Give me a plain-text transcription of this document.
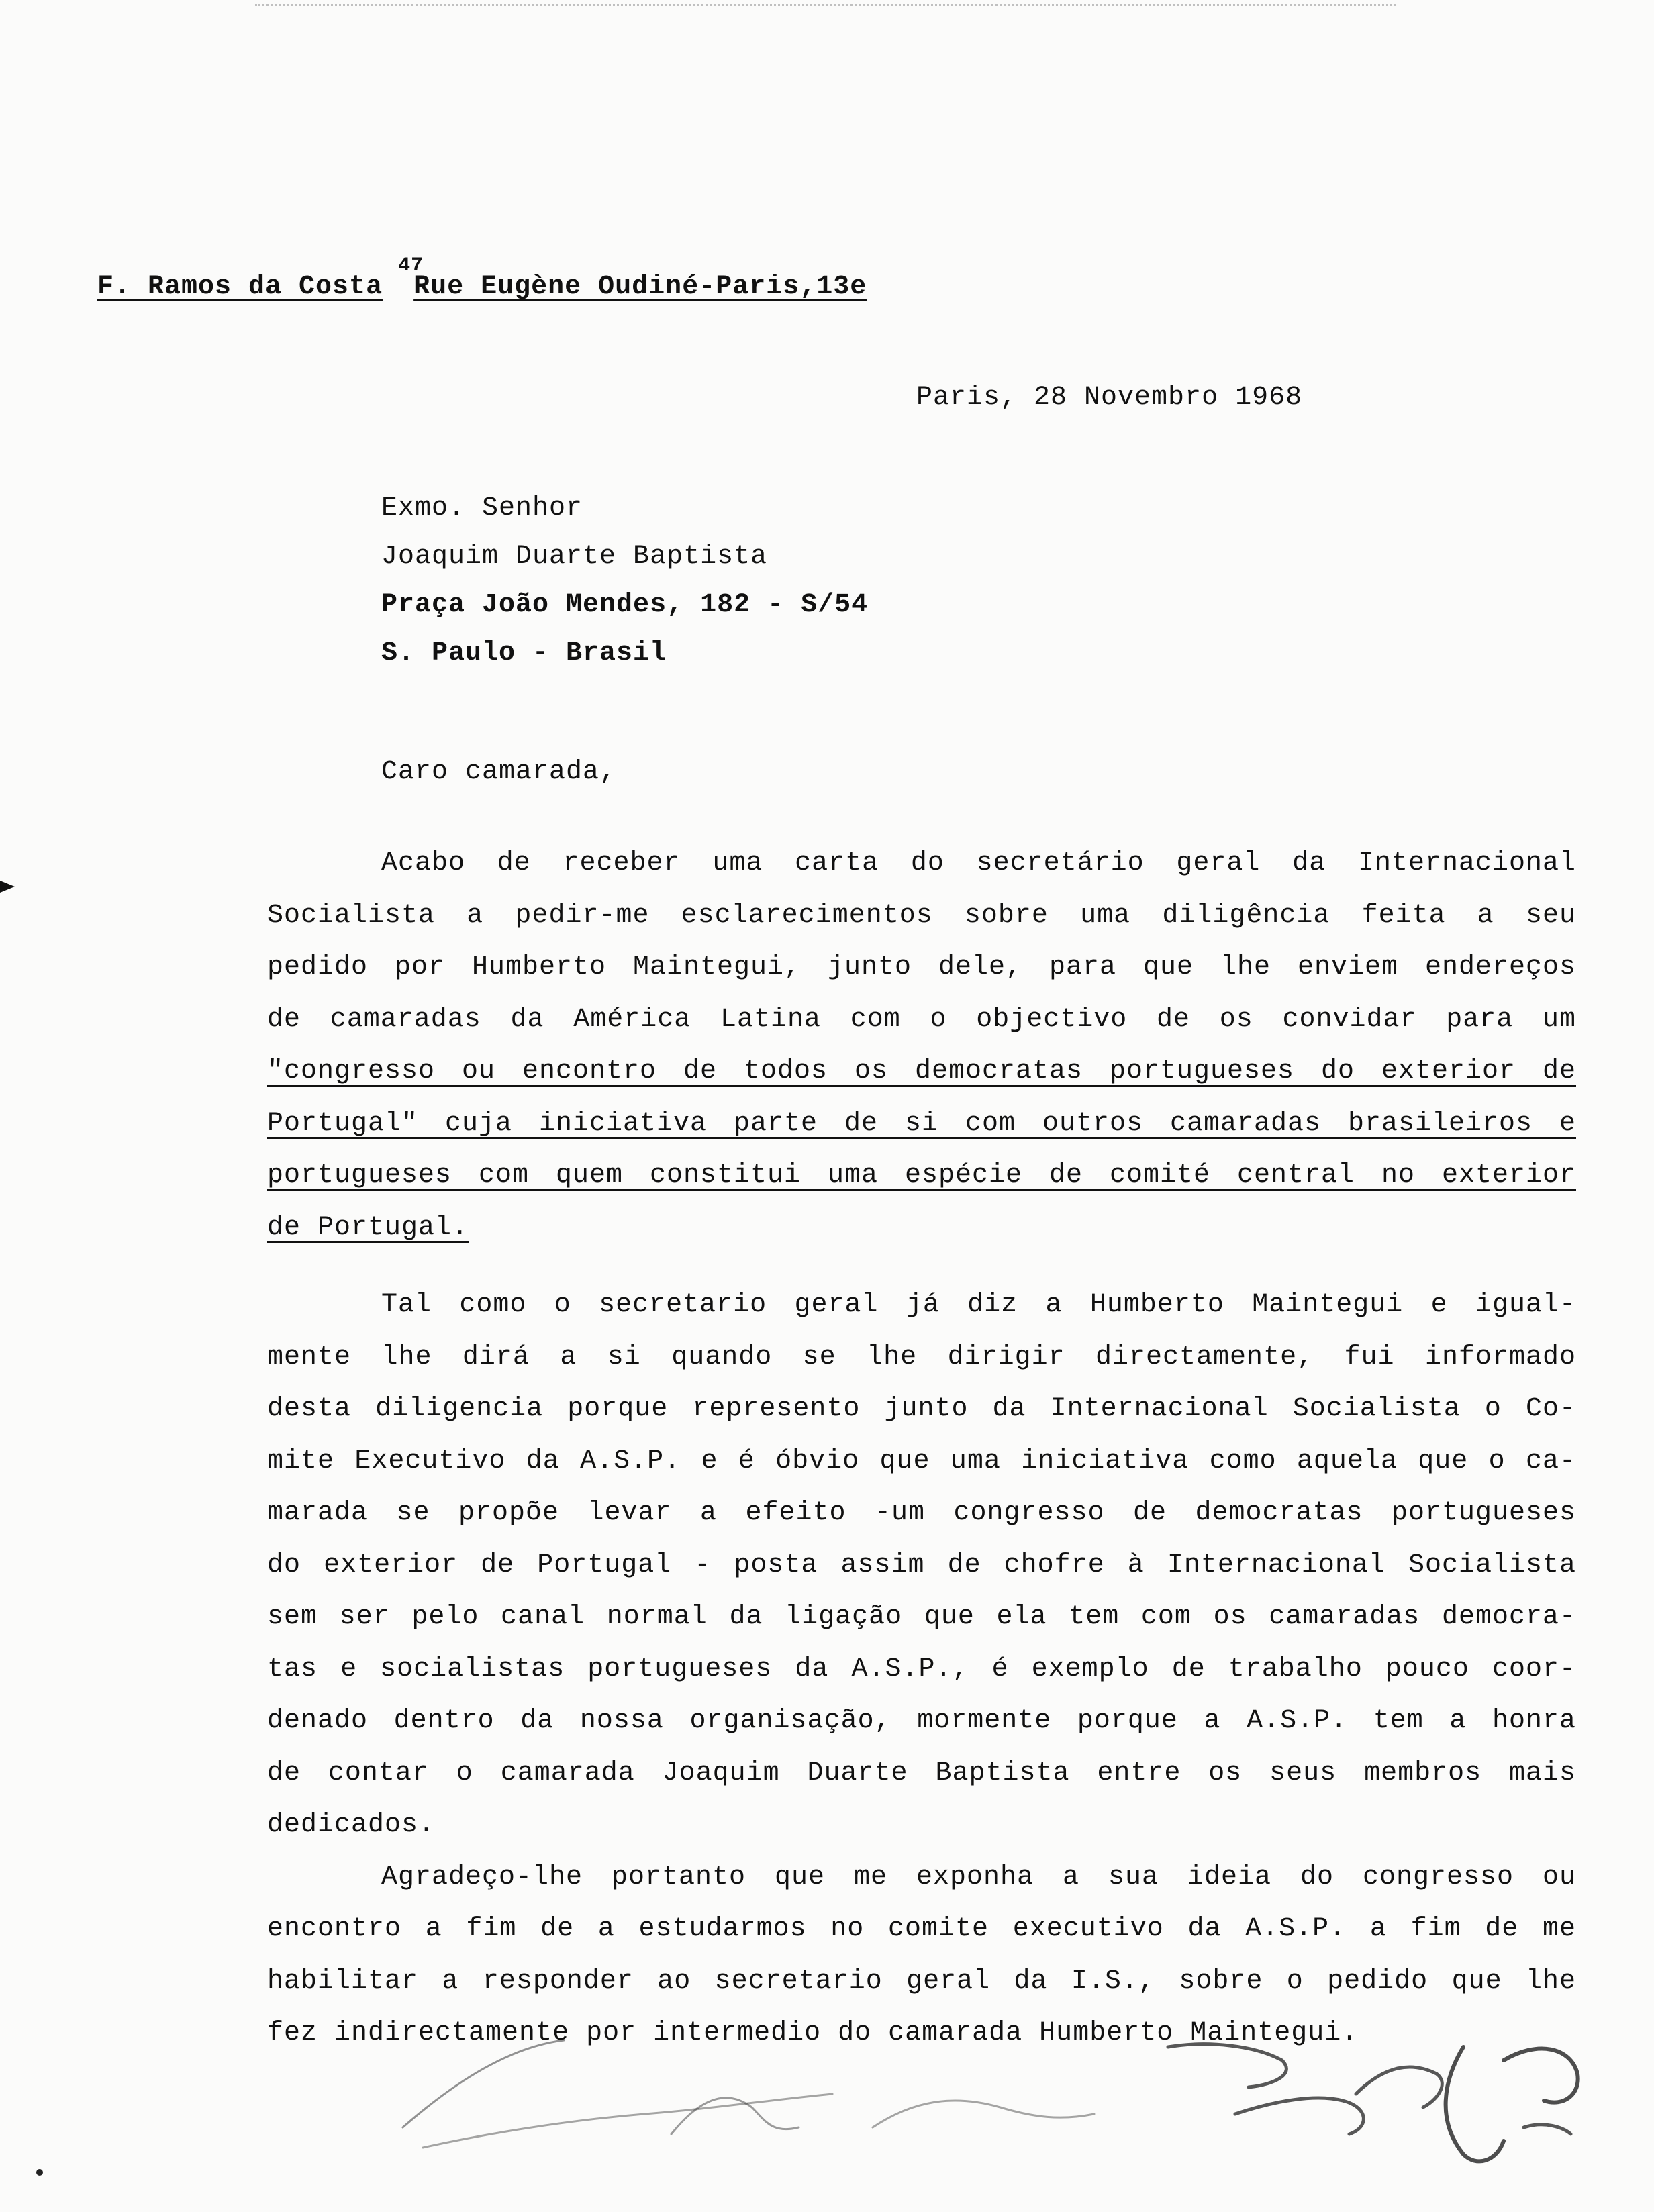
F. Ramos da Costa 47 Rue Eugène Oudiné-Paris,13e
Paris, 28 Novembro 1968
Exmo. Senhor
Joaquim Duarte Baptista
Praça João Mendes, 182 - S/54
S. Paulo - Brasil
Caro camarada,
Acabo de receber uma carta do secretário geral da Internacional
Socialista a pedir-me esclarecimentos sobre uma diligência feita a seu
pedido por Humberto Maintegui, junto dele, para que lhe enviem endereços
de camaradas da América Latina com o objectivo de os convidar para um
"congresso ou encontro de todos os democratas portugueses do exterior de
Portugal" cuja iniciativa parte de si com outros camaradas brasileiros e
portugueses com quem constitui uma espécie de comité central no exterior
de Portugal.
Tal como o secretario geral já diz a Humberto Maintegui e igual-
mente lhe dirá a si quando se lhe dirigir directamente, fui informado
desta diligencia porque represento junto da Internacional Socialista o Co-
mite Executivo da A.S.P. e é óbvio que uma iniciativa como aquela que o ca-
marada se propõe levar a efeito -um congresso de democratas portugueses
do exterior de Portugal - posta assim de chofre à Internacional Socialista
sem ser pelo canal normal da ligação que ela tem com os camaradas democra-
tas e socialistas portugueses da A.S.P., é exemplo de trabalho pouco coor-
denado dentro da nossa organisação, mormente porque a A.S.P. tem a honra
de contar o camarada Joaquim Duarte Baptista entre os seus membros mais
dedicados.
Agradeço-lhe portanto que me exponha a sua ideia do congresso ou
encontro a fim de a estudarmos no comite executivo da A.S.P. a fim de me
habilitar a responder ao secretario geral da I.S., sobre o pedido que lhe
fez indirectamente por intermedio do camarada Humberto Maintegui.
